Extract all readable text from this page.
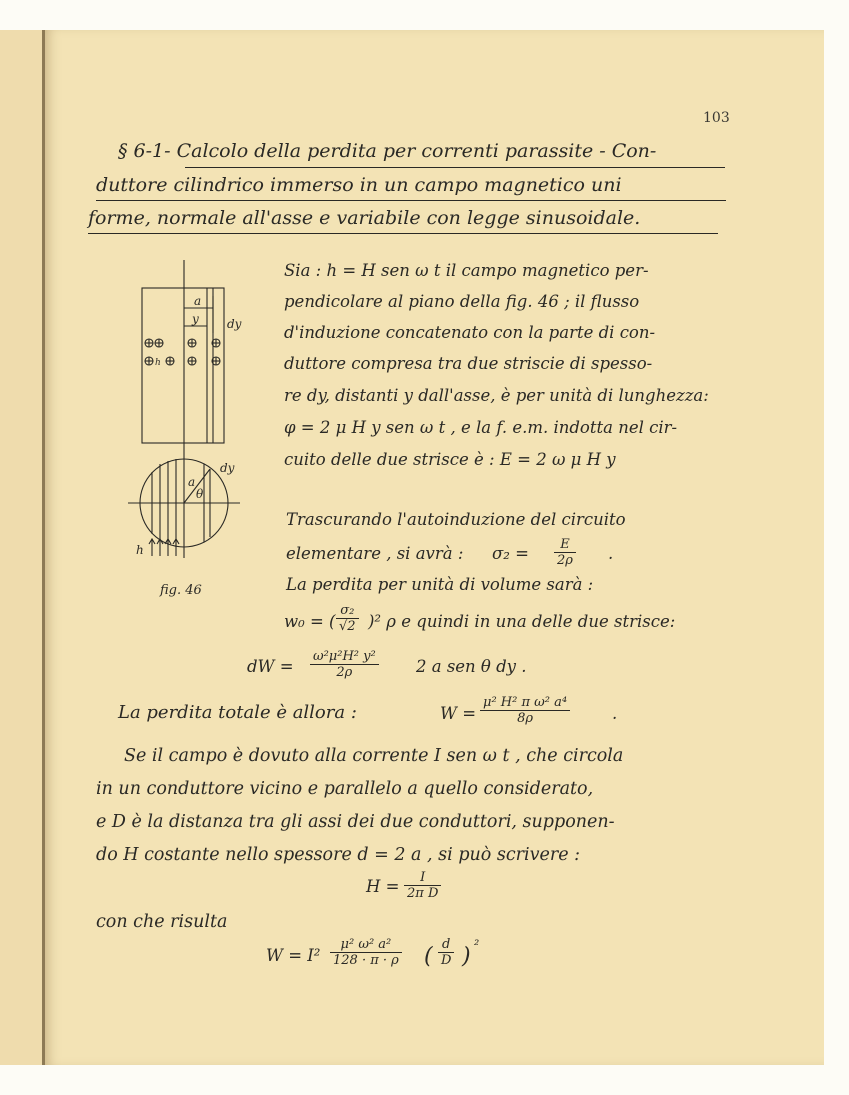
103
§ 6-1- Calcolo della perdita per correnti parassite - Con-
duttore cilindrico immerso in un campo magnetico uni
forme, normale all'asse e variabile con legge sinusoidale.
a
y dy
h
dy
a
θ
h
fig. 46
Sia : h = H sen ω t il campo magnetico per-
pendicolare al piano della fig. 46 ; il flusso
d'induzione concatenato con la parte di con-
duttore compresa tra due striscie di spesso-
re dy, distanti y dall'asse, è per unità di lunghezza:
φ = 2 μ H y sen ω t , e la f. e.m. indotta nel cir-
cuito delle due strisce è : E = 2 ω μ H y
Trascurando l'autoinduzione del circuito
elementare , si avrà : $\sigma_2 = \frac{E}{2\rho}$ .
La perdita per unità di volume sarà :
w₀ = ( $\frac{\text{σ₂}}{√2} )^2$ ρ e quindi in una delle due strisce:
dW = $\frac{\text{ω²μ²H² y²}}{2\rho} 2$ a sen θ dy .
La perdita totale è allora :	$W = \frac{\text{μ² H² π ω² a⁴}}{8\rho}$	.
Se il campo è dovuto alla corrente I sen ω t , che circola
in un conduttore vicino e parallelo a quello considerato,
e D è la distanza tra gli assi dei due conduttori, supponen-
do H costante nello spessore d = 2 a , si può scrivere :
$H = \frac{I}{\text{2π D}}$
con che risulta
$W = I^2 \frac{\text{μ² ω² a²}}{128 \cdot \pi \cdot \rho}$ ( $\frac{d}{D}$ ) ²
